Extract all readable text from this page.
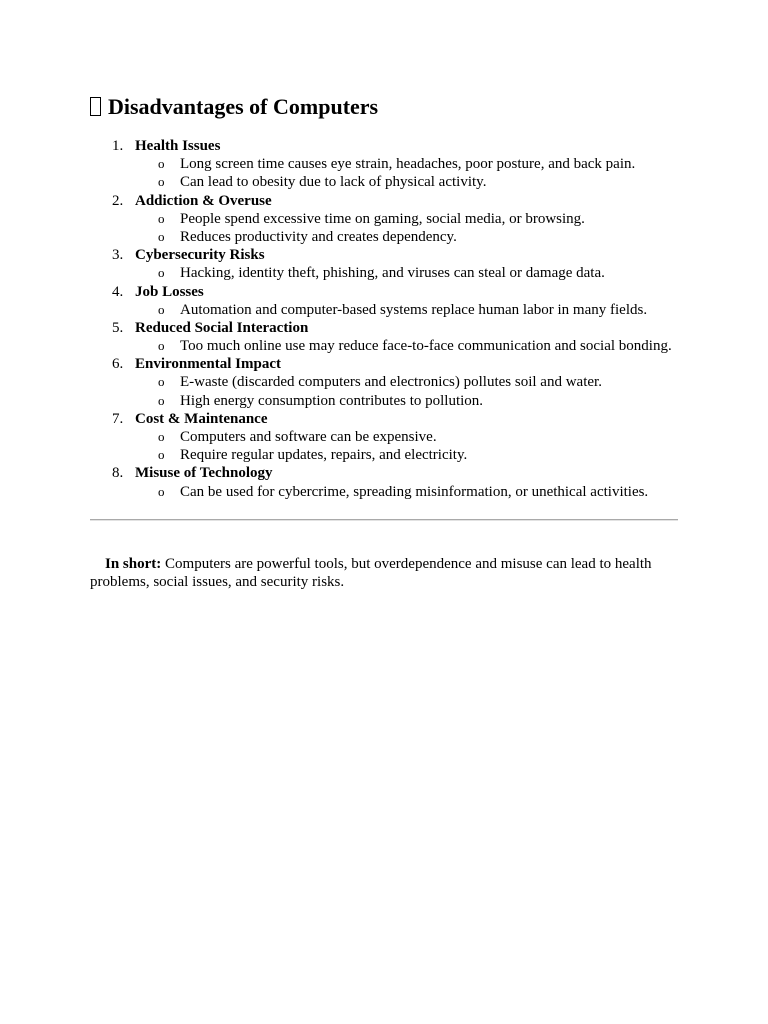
Disadvantages of Computers
1. Health Issues
o Long screen time causes eye strain, headaches, poor posture, and back pain.
o Can lead to obesity due to lack of physical activity.
2. Addiction & Overuse
o People spend excessive time on gaming, social media, or browsing.
o Reduces productivity and creates dependency.
3. Cybersecurity Risks
o Hacking, identity theft, phishing, and viruses can steal or damage data.
4. Job Losses
o Automation and computer-based systems replace human labor in many fields.
5. Reduced Social Interaction
o Too much online use may reduce face-to-face communication and social bonding.
6. Environmental Impact
o E-waste (discarded computers and electronics) pollutes soil and water.
o High energy consumption contributes to pollution.
7. Cost & Maintenance
o Computers and software can be expensive.
o Require regular updates, repairs, and electricity.
8. Misuse of Technology
o Can be used for cybercrime, spreading misinformation, or unethical activities.
In short: Computers are powerful tools, but overdependence and misuse can lead to health problems, social issues, and security risks.
